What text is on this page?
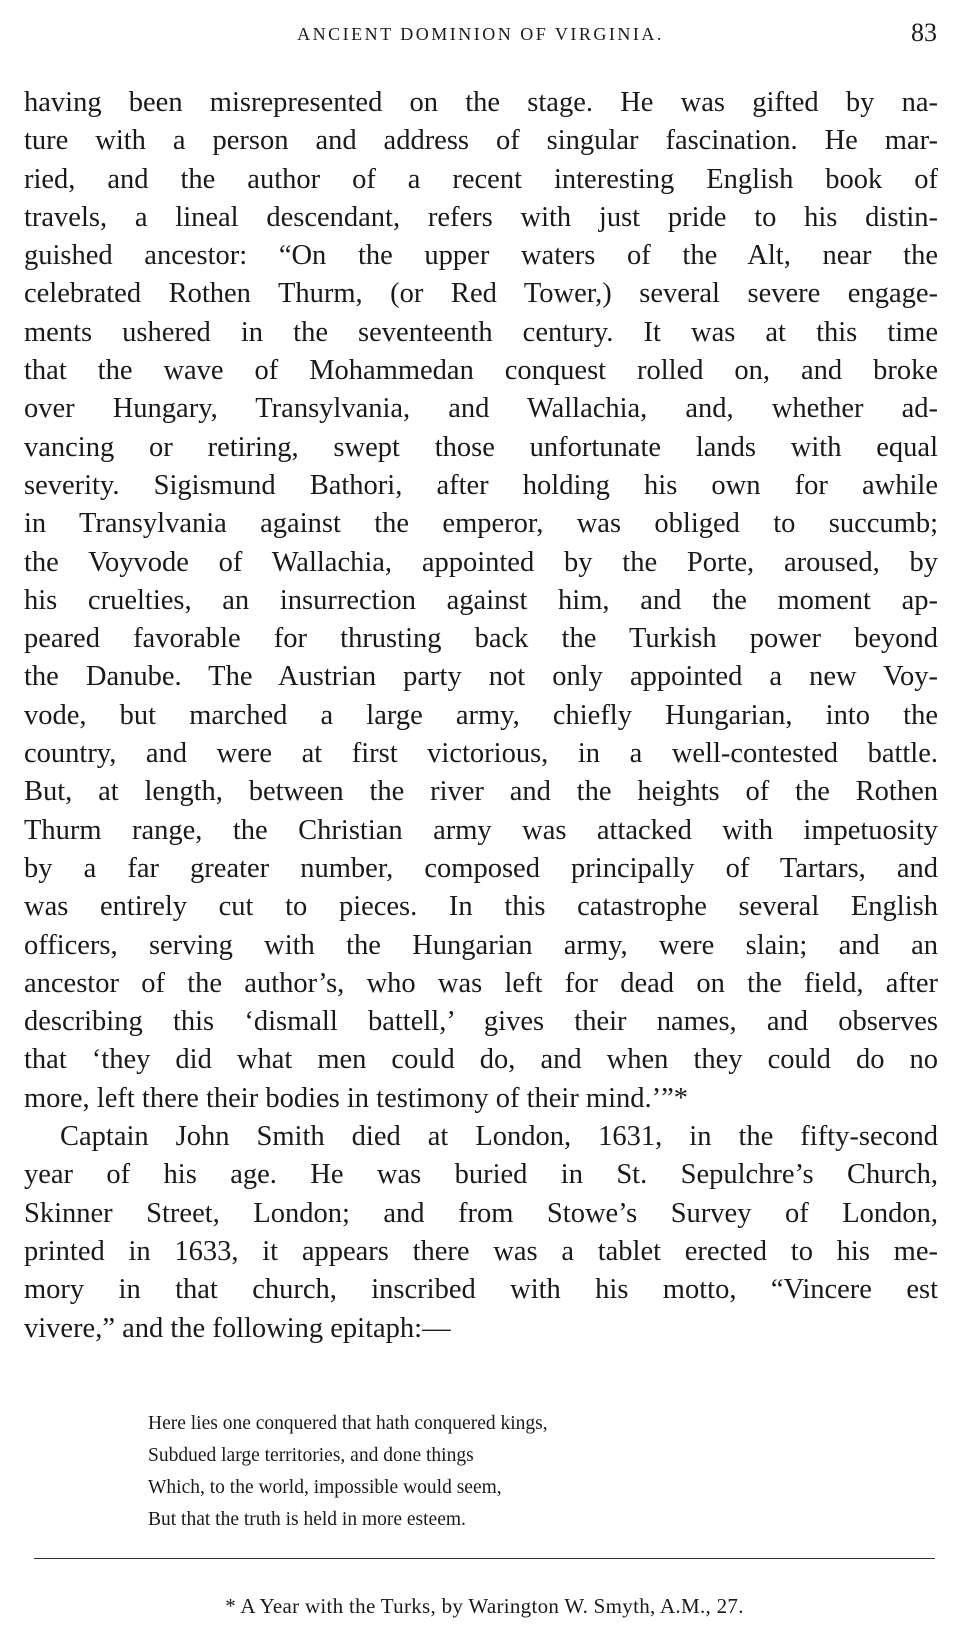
ANCIENT DOMINION OF VIRGINIA.	83
having been misrepresented on the stage. He was gifted by na-
ture with a person and address of singular fascination. He mar-
ried, and the author of a recent interesting English book of
travels, a lineal descendant, refers with just pride to his distin-
guished ancestor: “On the upper waters of the Alt, near the
celebrated Rothen Thurm, (or Red Tower,) several severe engage-
ments ushered in the seventeenth century. It was at this time
that the wave of Mohammedan conquest rolled on, and broke
over Hungary, Transylvania, and Wallachia, and, whether ad-
vancing or retiring, swept those unfortunate lands with equal
severity. Sigismund Bathori, after holding his own for awhile
in Transylvania against the emperor, was obliged to succumb;
the Voyvode of Wallachia, appointed by the Porte, aroused, by
his cruelties, an insurrection against him, and the moment ap-
peared favorable for thrusting back the Turkish power beyond
the Danube. The Austrian party not only appointed a new Voy-
vode, but marched a large army, chiefly Hungarian, into the
country, and were at first victorious, in a well-contested battle.
But, at length, between the river and the heights of the Rothen
Thurm range, the Christian army was attacked with impetuosity
by a far greater number, composed principally of Tartars, and
was entirely cut to pieces. In this catastrophe several English
officers, serving with the Hungarian army, were slain; and an
ancestor of the author’s, who was left for dead on the field, after
describing this ‘dismall battell,’ gives their names, and observes
that ‘they did what men could do, and when they could do no
more, left there their bodies in testimony of their mind.’”*
Captain John Smith died at London, 1631, in the fifty-second
year of his age. He was buried in St. Sepulchre’s Church,
Skinner Street, London; and from Stowe’s Survey of London,
printed in 1633, it appears there was a tablet erected to his me-
mory in that church, inscribed with his motto, “Vincere est
vivere,” and the following epitaph:—
Here lies one conquered that hath conquered kings,
Subdued large territories, and done things
Which, to the world, impossible would seem,
But that the truth is held in more esteem.
* A Year with the Turks, by Warington W. Smyth, A.M., 27.
